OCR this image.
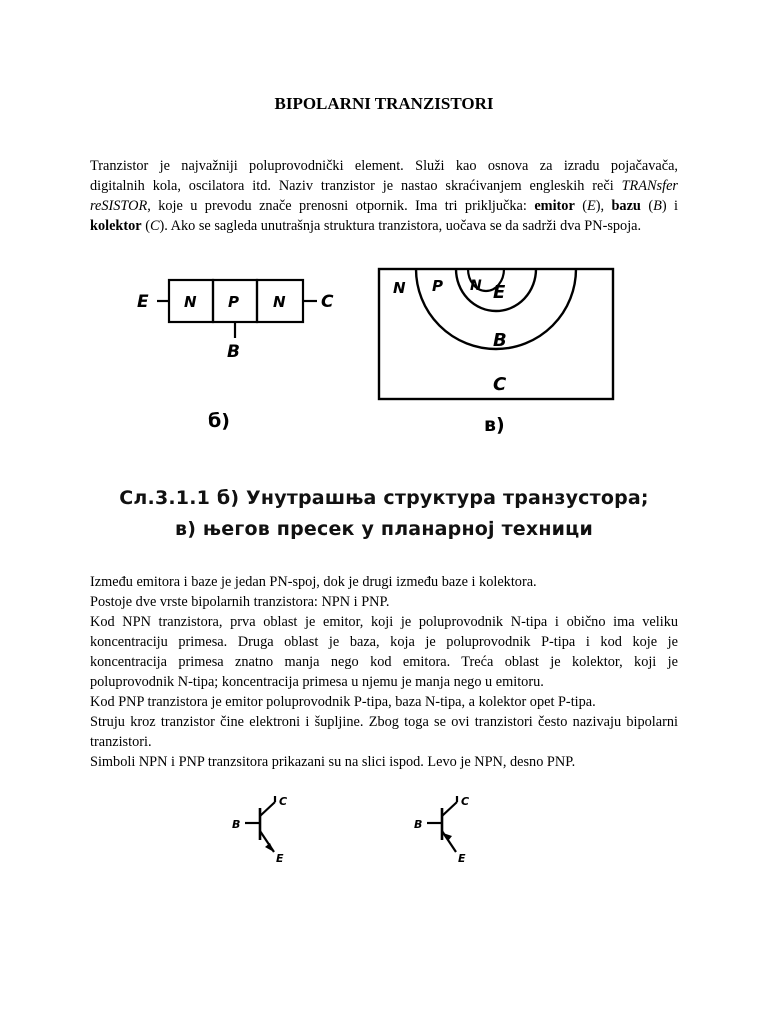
BIPOLARNI TRANZISTORI
Tranzistor je najvažniji poluprovodnički element. Služi kao osnova za izradu pojačavača,
digitalnih kola, oscilatora itd. Naziv tranzistor je nastao skraćivanjem engleskih reči TRANsfer
reSISTOR, koje u prevodu znače prenosni otpornik. Ima tri priključka: emitor (E), bazu (B) i
kolektor (C). Ako se sagleda unutrašnja struktura tranzistora, uočava se da sadrži dva PN-spoja.
E	C
N P N
B
б)
N P N E
B
C
в)
Сл.3.1.1 б) Унутрашња структура транзустора;
в) његов пресек у планарној техници
Između emitora i baze je jedan PN-spoj, dok je drugi između baze i kolektora.
Postoje dve vrste bipolarnih tranzistora: NPN i PNP.
Kod NPN tranzistora, prva oblast je emitor, koji je poluprovodnik N-tipa i obično ima veliku
koncentraciju primesa. Druga oblast je baza, koja je poluprovodnik P-tipa i kod koje je
koncentracija primesa znatno manja nego kod emitora. Treća oblast je kolektor, koji je
poluprovodnik N-tipa; koncentracija primesa u njemu je manja nego u emitoru.
Kod PNP tranzistora je emitor poluprovodnik P-tipa, baza N-tipa, a kolektor opet P-tipa.
Struju kroz tranzistor čine elektroni i šupljine. Zbog toga se ovi tranzistori često nazivaju bipolarni
tranzistori.
Simboli NPN i PNP tranzsitora prikazani su na slici ispod. Levo je NPN, desno PNP.
B
C
E
B
C
E
